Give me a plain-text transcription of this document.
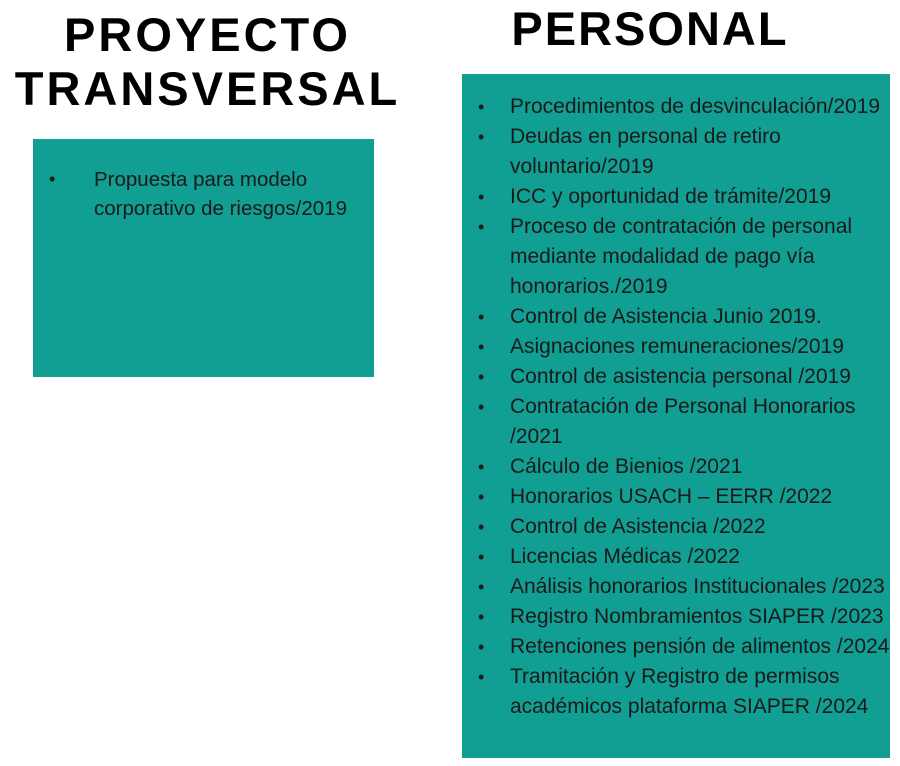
PROYECTO
TRANSVERSAL
PERSONAL
• Propuesta para modelo corporativo de riesgos/2019
• Procedimientos de desvinculación/2019
• Deudas en personal de retiro voluntario/2019
• ICC y oportunidad de trámite/2019
• Proceso de contratación de personal mediante modalidad de pago vía honorarios./2019
• Control de Asistencia Junio 2019.
• Asignaciones remuneraciones/2019
• Control de asistencia personal /2019
• Contratación de Personal Honorarios /2021
• Cálculo de Bienios /2021
• Honorarios USACH – EERR /2022
• Control de Asistencia /2022
• Licencias Médicas /2022
• Análisis honorarios Institucionales /2023
• Registro Nombramientos SIAPER /2023
• Retenciones pensión de alimentos /2024
• Tramitación y Registro de permisos académicos plataforma SIAPER /2024
